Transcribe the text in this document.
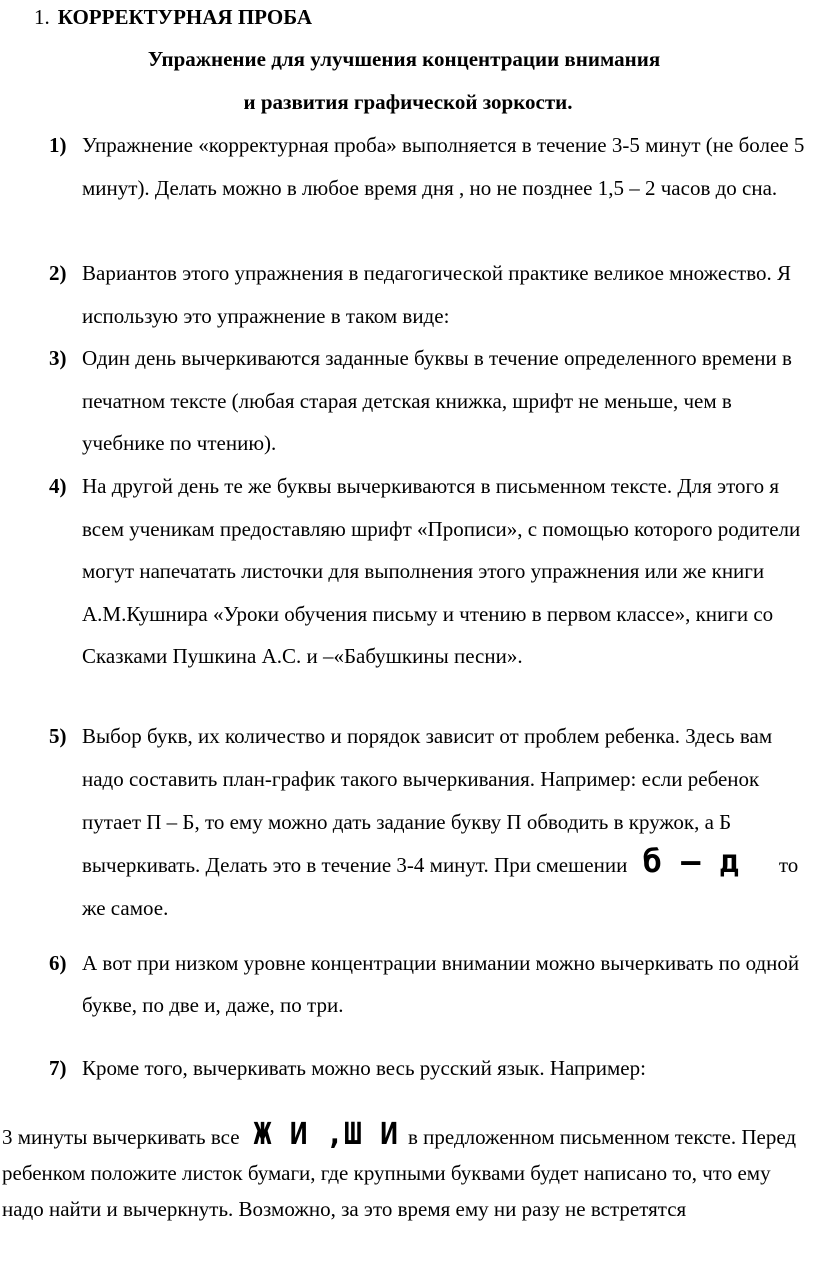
1. КОРРЕКТУРНАЯ ПРОБА
Упражнение для улучшения концентрации внимания
и развития графической зоркости.
1) Упражнение «корректурная проба» выполняется в течение 3-5 минут (не более 5 минут). Делать можно в любое время дня , но не позднее 1,5 – 2 часов до сна.
2) Вариантов этого упражнения в педагогической практике великое множество. Я использую это упражнение в таком виде:
3) Один день вычеркиваются заданные буквы в течение определенного времени в печатном тексте (любая старая детская книжка, шрифт не меньше, чем в учебнике по чтению).
4) На другой день те же буквы вычеркиваются в письменном тексте. Для этого я всем ученикам предоставляю шрифт «Прописи», с помощью которого родители могут напечатать листочки для выполнения этого упражнения или же книги А.М.Кушнира «Уроки обучения письму и чтению в первом классе», книги со Сказками Пушкина А.С. и –«Бабушкины песни».
5) Выбор букв, их количество и порядок зависит от проблем ребенка. Здесь вам надо составить план-график такого вычеркивания. Например: если ребенок путает П – Б, то ему можно дать задание букву П обводить в кружок, а Б вычеркивать. Делать это в течение 3-4 минут. При смешении б – д то же самое.
6) А вот при низком уровне концентрации внимании можно вычеркивать по одной букве, по две и, даже, по три.
7) Кроме того, вычеркивать можно весь русский язык. Например:
3 минуты вычеркивать все Ж И ,Ш И в предложенном письменном текстe. Перед ребенком положите листок бумаги, где крупными буквами будет написано то, что ему надо найти и вычеркнуть. Возможно, за это время ему ни разу не встретятся
